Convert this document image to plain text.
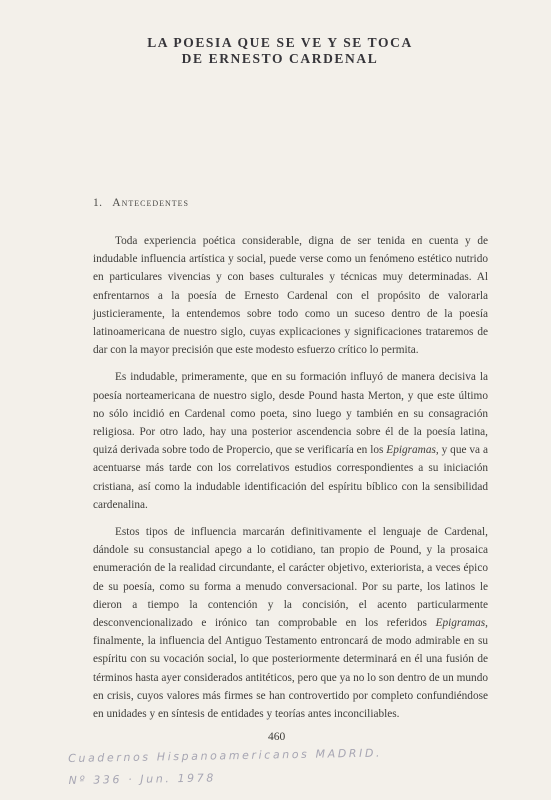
LA POESIA QUE SE VE Y SE TOCA
DE ERNESTO CARDENAL
1. Antecedentes

Toda experiencia poética considerable, digna de ser tenida en cuenta y de indudable influencia artística y social, puede verse como un fenómeno estético nutrido en particulares vivencias y con bases culturales y técnicas muy determinadas. Al enfrentarnos a la poesía de Ernesto Cardenal con el propósito de valorarla justicieramente, la entendemos sobre todo como un suceso dentro de la poesía latinoamericana de nuestro siglo, cuyas explicaciones y significaciones trataremos de dar con la mayor precisión que este modesto esfuerzo crítico lo permita.

Es indudable, primeramente, que en su formación influyó de manera decisiva la poesía norteamericana de nuestro siglo, desde Pound hasta Merton, y que este último no sólo incidió en Cardenal como poeta, sino luego y también en su consagración religiosa. Por otro lado, hay una posterior ascendencia sobre él de la poesía latina, quizá derivada sobre todo de Propercio, que se verificaría en los Epigramas, y que va a acentuarse más tarde con los correlativos estudios correspondientes a su iniciación cristiana, así como la indudable identificación del espíritu bíblico con la sensibilidad cardenalina.

Estos tipos de influencia marcarán definitivamente el lenguaje de Cardenal, dándole su consustancial apego a lo cotidiano, tan propio de Pound, y la prosaica enumeración de la realidad circundante, el carácter objetivo, exteriorista, a veces épico de su poesía, como su forma a menudo conversacional. Por su parte, los latinos le dieron a tiempo la contención y la concisión, el acento particularmente desconvencionalizado e irónico tan comprobable en los referidos Epigramas, finalmente, la influencia del Antiguo Testamento entroncará de modo admirable en su espíritu con su vocación social, lo que posteriormente determinará en él una fusión de términos hasta ayer considerados antitéticos, pero que ya no lo son dentro de un mundo en crisis, cuyos valores más firmes se han controvertido por completo confundiéndose en unidades y en síntesis de entidades y teorías antes inconciliables.

460
Cuadernos Hispanoamericanos MADRID.
Nº 336 · Jun. 1978
